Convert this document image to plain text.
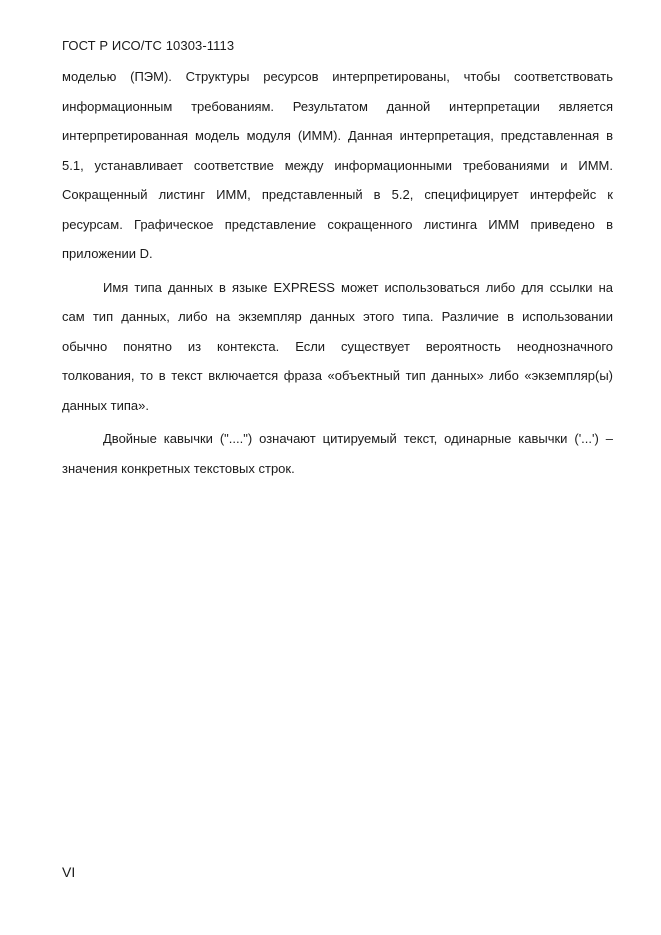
ГОСТ Р ИСО/ТС 10303-1113
моделью (ПЭМ). Структуры ресурсов интерпретированы, чтобы соответствовать
информационным требованиям. Результатом данной интерпретации является
интерпретированная модель модуля (ИММ). Данная интерпретация, представленная в
5.1, устанавливает соответствие между информационными требованиями и ИММ.
Сокращенный листинг ИММ, представленный в 5.2, специфицирует интерфейс к
ресурсам. Графическое представление сокращенного листинга ИММ приведено в
приложении D.
Имя типа данных в языке EXPRESS может использоваться либо для ссылки на
сам тип данных, либо на экземпляр данных этого типа. Различие в использовании
обычно понятно из контекста. Если существует вероятность неоднозначного
толкования, то в текст включается фраза «объектный тип данных» либо «экземпляр(ы)
данных типа».
Двойные кавычки ("....") означают цитируемый текст, одинарные кавычки ('...') –
значения конкретных текстовых строк.
VI
